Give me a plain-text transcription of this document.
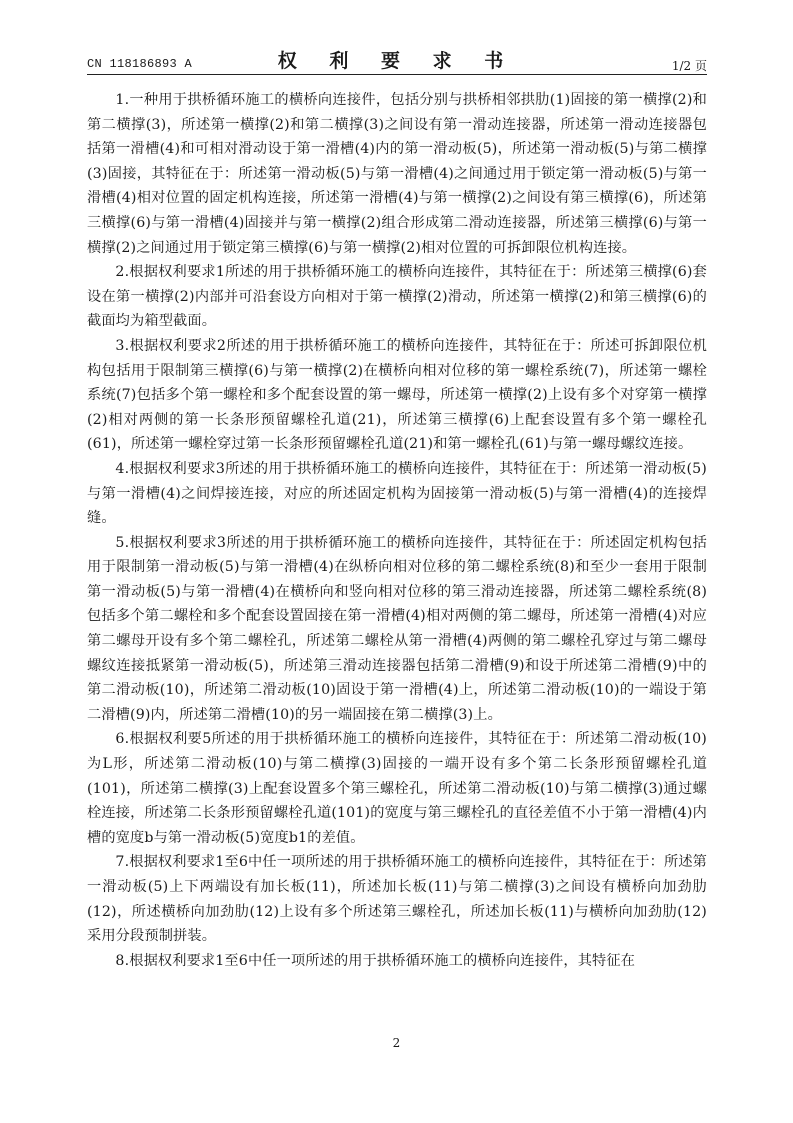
CN 118186893 A	权 利 要 求 书	1/2 页

1.一种用于拱桥循环施工的横桥向连接件，包括分别与拱桥相邻拱肋(1)固接的第一横撑(2)和第二横撑(3)，所述第一横撑(2)和第二横撑(3)之间设有第一滑动连接器，所述第一滑动连接器包括第一滑槽(4)和可相对滑动设于第一滑槽(4)内的第一滑动板(5)，所述第一滑动板(5)与第二横撑(3)固接，其特征在于：所述第一滑动板(5)与第一滑槽(4)之间通过用于锁定第一滑动板(5)与第一滑槽(4)相对位置的固定机构连接，所述第一滑槽(4)与第一横撑(2)之间设有第三横撑(6)，所述第三横撑(6)与第一滑槽(4)固接并与第一横撑(2)组合形成第二滑动连接器，所述第三横撑(6)与第一横撑(2)之间通过用于锁定第三横撑(6)与第一横撑(2)相对位置的可拆卸限位机构连接。

2.根据权利要求1所述的用于拱桥循环施工的横桥向连接件，其特征在于：所述第三横撑(6)套设在第一横撑(2)内部并可沿套设方向相对于第一横撑(2)滑动，所述第一横撑(2)和第三横撑(6)的截面均为箱型截面。

3.根据权利要求2所述的用于拱桥循环施工的横桥向连接件，其特征在于：所述可拆卸限位机构包括用于限制第三横撑(6)与第一横撑(2)在横桥向相对位移的第一螺栓系统(7)，所述第一螺栓系统(7)包括多个第一螺栓和多个配套设置的第一螺母，所述第一横撑(2)上设有多个对穿第一横撑(2)相对两侧的第一长条形预留螺栓孔道(21)，所述第三横撑(6)上配套设置有多个第一螺栓孔(61)，所述第一螺栓穿过第一长条形预留螺栓孔道(21)和第一螺栓孔(61)与第一螺母螺纹连接。

4.根据权利要求3所述的用于拱桥循环施工的横桥向连接件，其特征在于：所述第一滑动板(5)与第一滑槽(4)之间焊接连接，对应的所述固定机构为固接第一滑动板(5)与第一滑槽(4)的连接焊缝。

5.根据权利要求3所述的用于拱桥循环施工的横桥向连接件，其特征在于：所述固定机构包括用于限制第一滑动板(5)与第一滑槽(4)在纵桥向相对位移的第二螺栓系统(8)和至少一套用于限制第一滑动板(5)与第一滑槽(4)在横桥向和竖向相对位移的第三滑动连接器，所述第二螺栓系统(8)包括多个第二螺栓和多个配套设置固接在第一滑槽(4)相对两侧的第二螺母，所述第一滑槽(4)对应第二螺母开设有多个第二螺栓孔，所述第二螺栓从第一滑槽(4)两侧的第二螺栓孔穿过与第二螺母螺纹连接抵紧第一滑动板(5)，所述第三滑动连接器包括第二滑槽(9)和设于所述第二滑槽(9)中的第二滑动板(10)，所述第二滑动板(10)固设于第一滑槽(4)上，所述第二滑动板(10)的一端设于第二滑槽(9)内，所述第二滑槽(10)的另一端固接在第二横撑(3)上。

6.根据权利要5所述的用于拱桥循环施工的横桥向连接件，其特征在于：所述第二滑动板(10)为L形，所述第二滑动板(10)与第二横撑(3)固接的一端开设有多个第二长条形预留螺栓孔道(101)，所述第二横撑(3)上配套设置多个第三螺栓孔，所述第二滑动板(10)与第二横撑(3)通过螺栓连接，所述第二长条形预留螺栓孔道(101)的宽度与第三螺栓孔的直径差值不小于第一滑槽(4)内槽的宽度b与第一滑动板(5)宽度b1的差值。

7.根据权利要求1至6中任一项所述的用于拱桥循环施工的横桥向连接件，其特征在于：所述第一滑动板(5)上下两端设有加长板(11)，所述加长板(11)与第二横撑(3)之间设有横桥向加劲肋(12)，所述横桥向加劲肋(12)上设有多个所述第三螺栓孔，所述加长板(11)与横桥向加劲肋(12)采用分段预制拼装。

8.根据权利要求1至6中任一项所述的用于拱桥循环施工的横桥向连接件，其特征在

2
